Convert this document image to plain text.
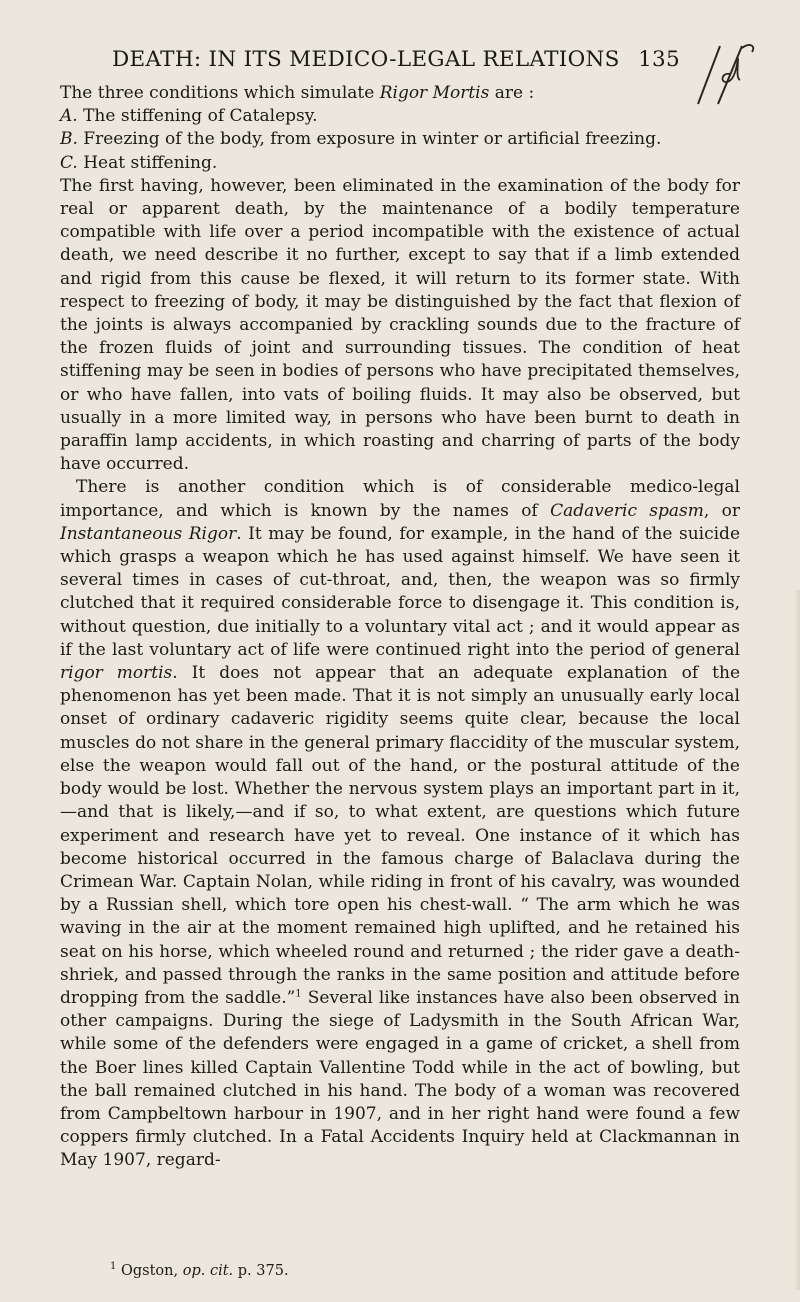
DEATH: IN ITS MEDICO-LEGAL RELATIONS 135

The three conditions which simulate Rigor Mortis are :

A. The stiffening of Catalepsy.

B. Freezing of the body, from exposure in winter or artificial freezing.

C. Heat stiffening.

The first having, however, been eliminated in the examination of the body for real or apparent death, by the maintenance of a bodily temperature compatible with life over a period incompatible with the existence of actual death, we need describe it no further, except to say that if a limb extended and rigid from this cause be flexed, it will return to its former state. With respect to freezing of body, it may be distinguished by the fact that flexion of the joints is always accompanied by crackling sounds due to the fracture of the frozen fluids of joint and surrounding tissues. The condition of heat stiffening may be seen in bodies of persons who have precipitated themselves, or who have fallen, into vats of boiling fluids. It may also be observed, but usually in a more limited way, in persons who have been burnt to death in paraffin lamp accidents, in which roasting and charring of parts of the body have occurred.

There is another condition which is of considerable medico-legal importance, and which is known by the names of Cadaveric spasm, or Instantaneous Rigor. It may be found, for example, in the hand of the suicide which grasps a weapon which he has used against himself. We have seen it several times in cases of cut-throat, and, then, the weapon was so firmly clutched that it required considerable force to disengage it. This condition is, without question, due initially to a voluntary vital act ; and it would appear as if the last voluntary act of life were continued right into the period of general rigor mortis. It does not appear that an adequate explanation of the phenomenon has yet been made. That it is not simply an unusually early local onset of ordinary cadaveric rigidity seems quite clear, because the local muscles do not share in the general primary flaccidity of the muscular system, else the weapon would fall out of the hand, or the postural attitude of the body would be lost. Whether the nervous system plays an important part in it,—and that is likely,—and if so, to what extent, are questions which future experiment and research have yet to reveal. One instance of it which has become historical occurred in the famous charge of Balaclava during the Crimean War. Captain Nolan, while riding in front of his cavalry, was wounded by a Russian shell, which tore open his chest-wall. “ The arm which he was waving in the air at the moment remained high uplifted, and he retained his seat on his horse, which wheeled round and returned ; the rider gave a death-shriek, and passed through the ranks in the same position and attitude before dropping from the saddle.”$^1$ Several like instances have also been observed in other campaigns. During the siege of Ladysmith in the South African War, while some of the defenders were engaged in a game of cricket, a shell from the Boer lines killed Captain Vallentine Todd while in the act of bowling, but the ball remained clutched in his hand. The body of a woman was recovered from Campbeltown harbour in 1907, and in her right hand were found a few coppers firmly clutched. In a Fatal Accidents Inquiry held at Clackmannan in May 1907, regard-

$^1$ Ogston, op. cit. p. 375.
